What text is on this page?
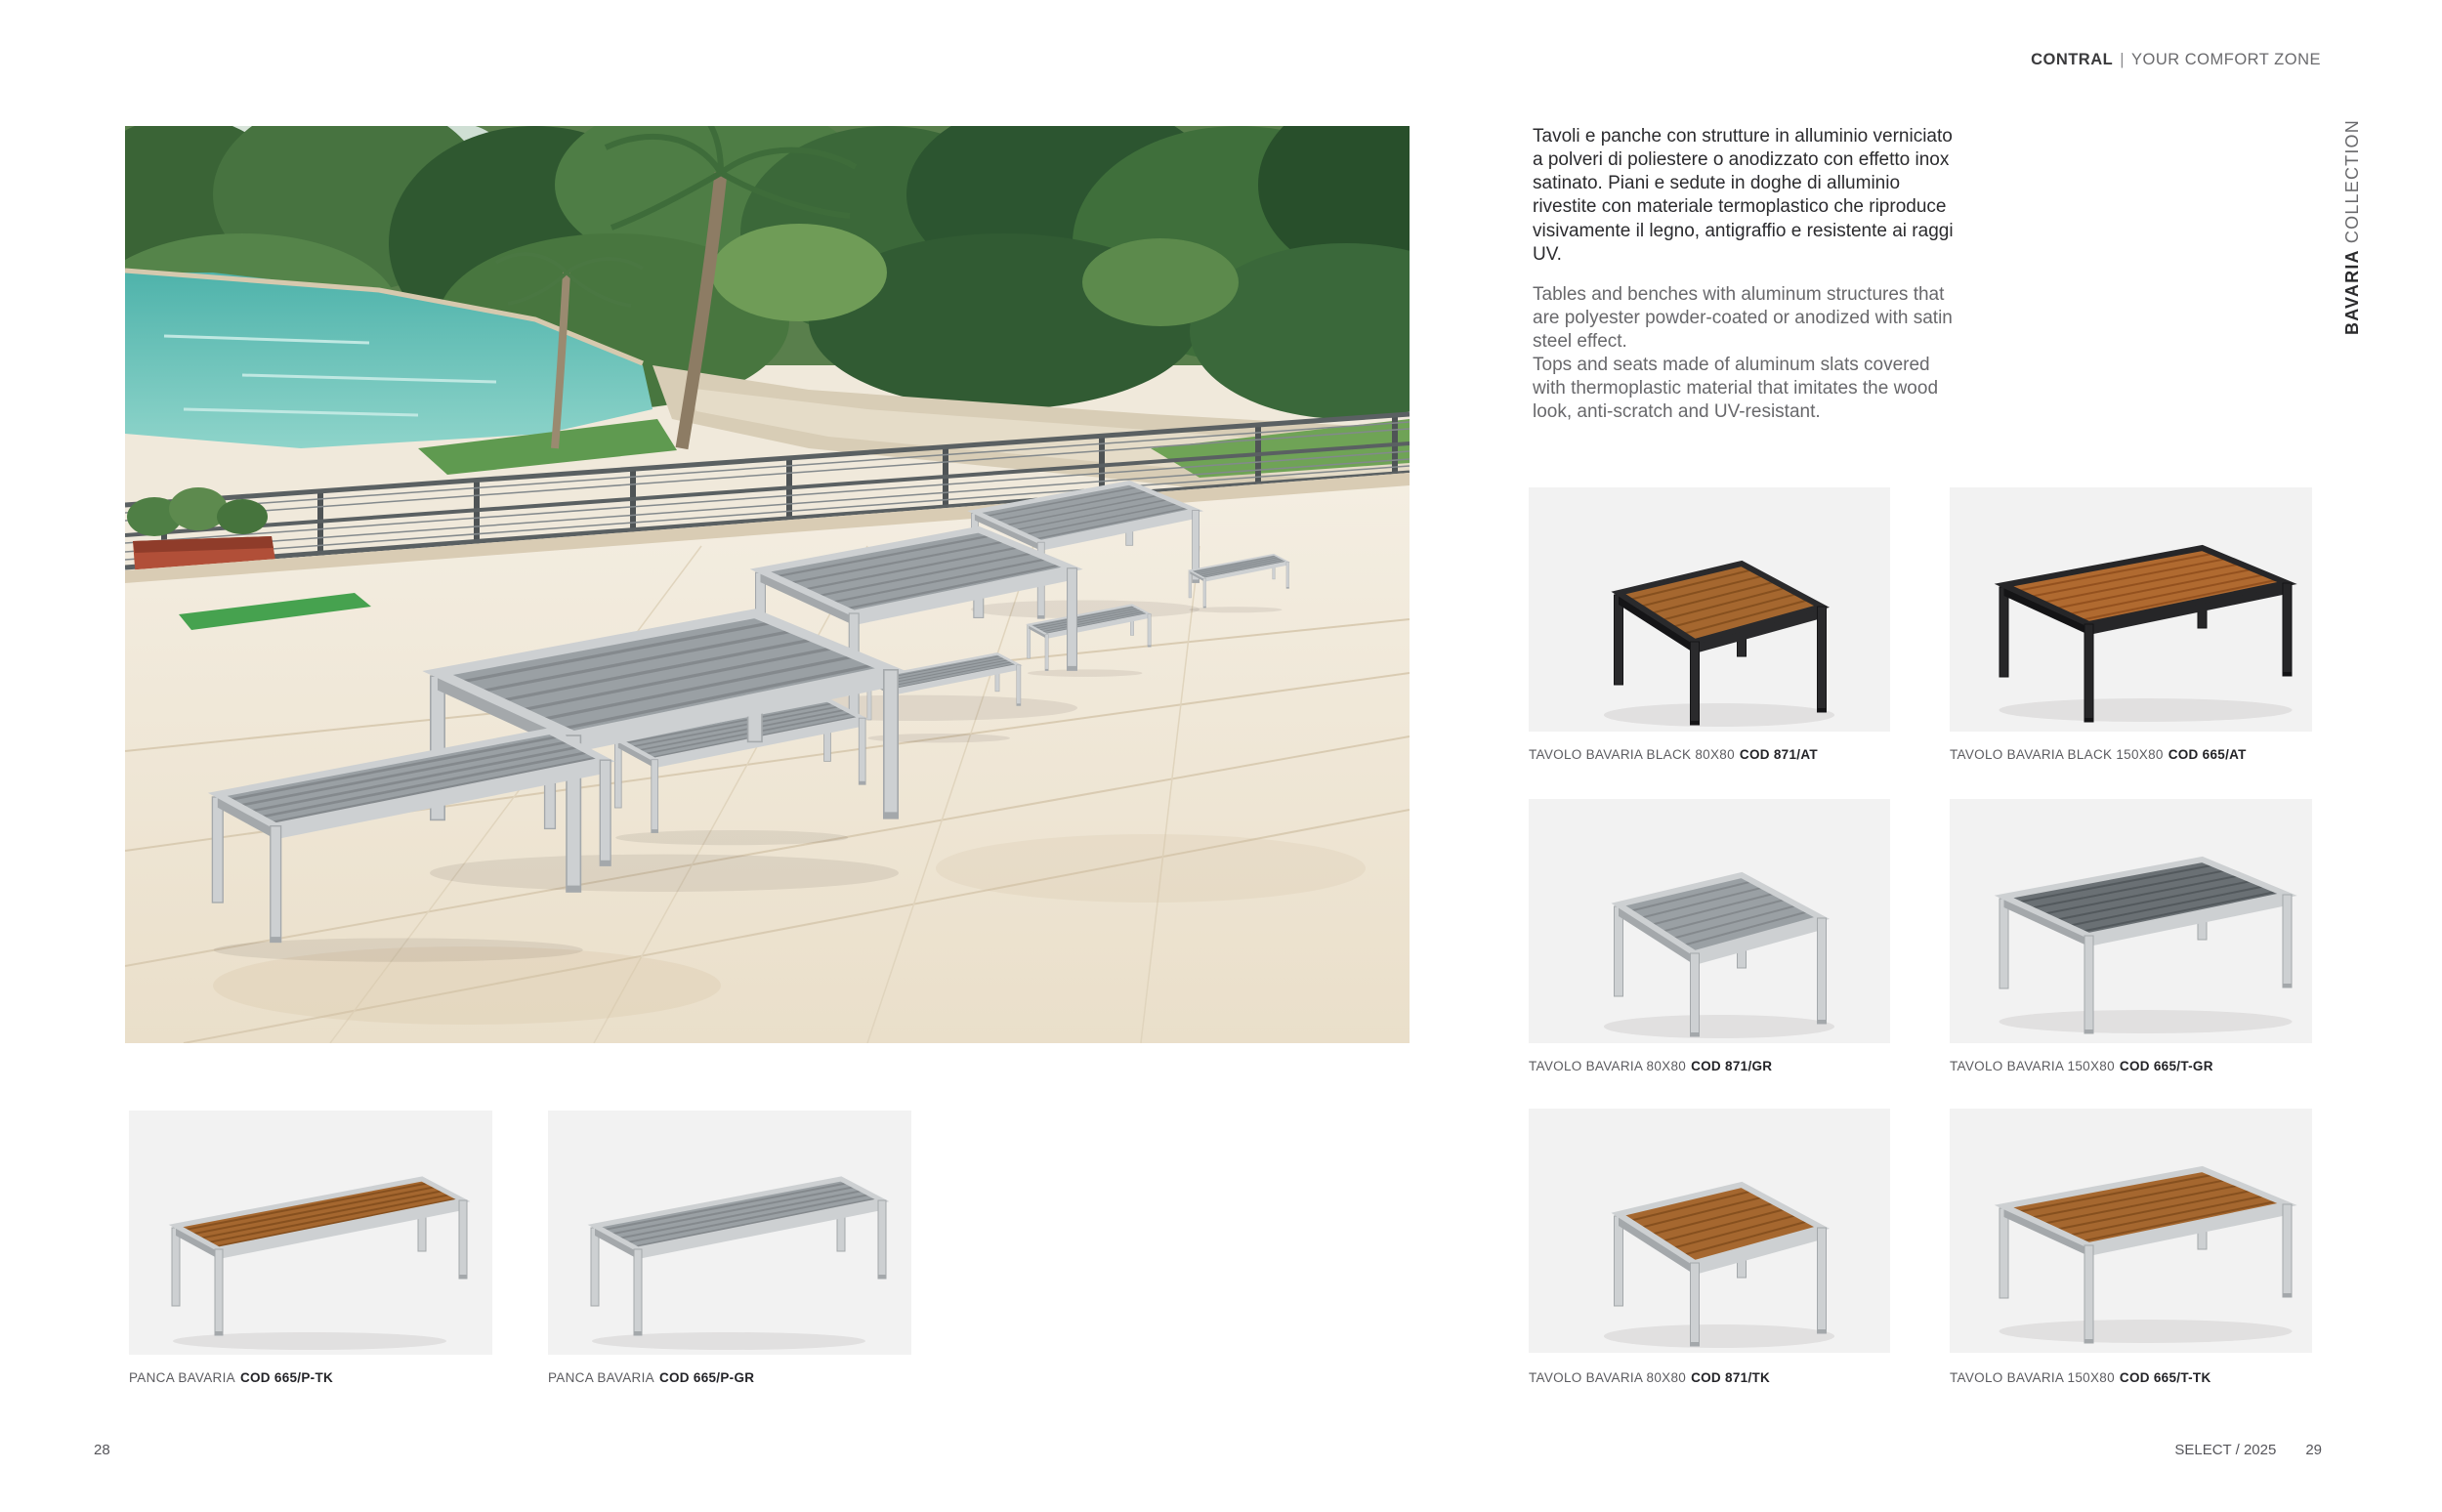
CONTRAL | YOUR COMFORT ZONE
BAVARIA COLLECTION
Tavoli e panche con strutture in alluminio verniciato a polveri di poliestere o anodizzato con effetto inox satinato. Piani e sedute in doghe di alluminio rivestite con materiale termoplastico che riproduce visivamente il legno, antigraffio e resistente ai raggi UV.
Tables and benches with aluminum structures that are polyester powder-coated or anodized with satin steel effect.
Tops and seats made of aluminum slats covered with thermoplastic material that imitates the wood look, anti-scratch and UV-resistant.
TAVOLO BAVARIA BLACK 80X80 COD 871/AT	TAVOLO BAVARIA BLACK 150X80 COD 665/AT
TAVOLO BAVARIA 80X80 COD 871/GR	TAVOLO BAVARIA 150X80 COD 665/T-GR
TAVOLO BAVARIA 80X80 COD 871/TK	TAVOLO BAVARIA 150X80 COD 665/T-TK
PANCA BAVARIA COD 665/P-TK	PANCA BAVARIA COD 665/P-GR
28	SELECT / 2025 29
